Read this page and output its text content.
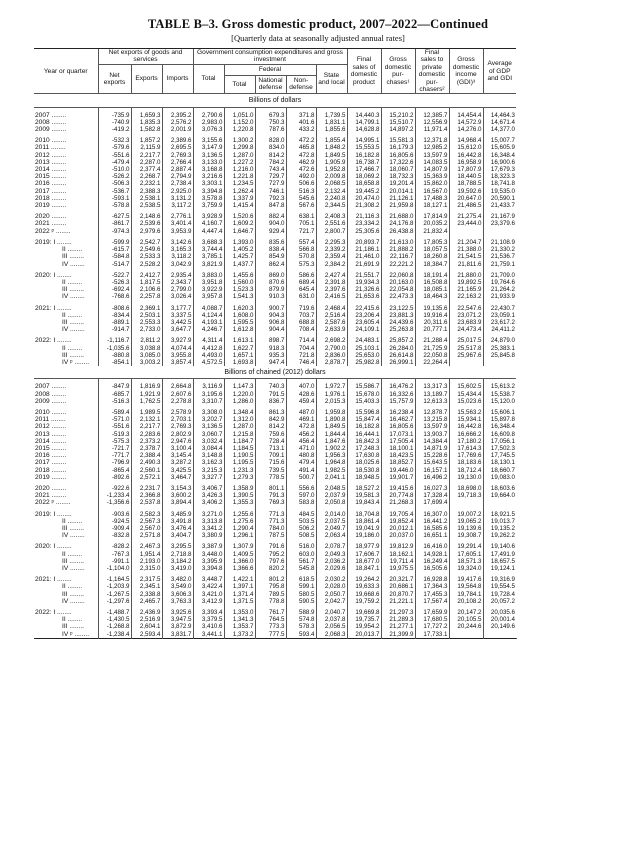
TABLE B–3. Gross domestic product, 2007–2022—Continued
[Quarterly data at seasonally adjusted annual rates]

Year or quarter	Net exports of goods and services			Government consumption expenditures and gross investment					Final sales of domestic product	Gross domestic pur-chases¹	Final sales to private domestic pur-chasers²	Gross domestic income (GDI)³	Average of GDP and GDI
	Net exports	Exports	Imports	Total	Federal			State and local					
					Total	National defense	Non-defense						

Billions of dollars													

2007 ........	-735.9	1,659.3	2,395.2	2,790.6	1,051.0	679.3	371.8	1,739.5	14,440.3	15,210.2	12,385.7	14,454.4	14,464.3
2008 ........	-740.9	1,835.3	2,576.2	2,983.0	1,152.0	750.3	401.6	1,831.1	14,799.1	15,510.7	12,556.9	14,572.9	14,671.4
2009 ........	-419.2	1,582.8	2,001.9	3,076.3	1,220.8	787.6	433.2	1,855.6	14,628.8	14,897.2	11,971.4	14,276.0	14,377.0

2010 ........	-532.3	1,857.2	2,389.6	3,155.6	1,300.2	828.0	472.2	1,855.4	14,995.1	15,581.3	12,371.8	14,968.4	15,007.7
2011 ........	-579.6	2,115.9	2,695.5	3,147.9	1,299.8	834.0	465.8	1,848.2	15,553.5	16,179.3	12,985.2	15,612.0	15,605.9
2012 ........	-551.6	2,217.7	2,769.3	3,136.5	1,287.0	814.2	472.8	1,849.5	16,182.8	16,805.6	13,597.9	16,442.8	16,348.4
2013 ........	-479.4	2,287.0	2,766.4	3,133.0	1,227.2	784.2	462.9	1,905.9	16,738.7	17,322.6	14,083.5	16,958.9	16,900.6
2014 ........	-510.0	2,377.4	2,887.4	3,168.8	1,216.0	743.4	472.6	1,952.8	17,466.7	18,060.7	14,807.9	17,807.9	17,679.3
2015 ........	-526.2	2,268.7	2,794.9	3,216.6	1,221.8	729.7	492.0	2,009.8	18,069.2	18,732.3	15,363.9	18,440.5	18,323.3
2016 ........	-506.3	2,232.1	2,738.4	3,303.1	1,234.5	727.9	506.6	2,068.5	18,658.8	19,201.4	15,862.0	18,788.5	18,741.8
2017 ........	-536.7	2,388.3	2,925.0	3,394.8	1,262.4	746.1	516.3	2,132.4	19,445.2	20,014.1	16,567.0	19,592.6	19,535.0
2018 ........	-593.1	2,538.1	3,131.2	3,578.8	1,337.9	792.3	545.6	2,240.8	20,474.0	21,126.1	17,488.3	20,647.0	20,590.1
2019 ........	-578.8	2,538.5	3,117.2	3,759.9	1,415.4	847.8	567.6	2,344.5	21,308.2	21,959.8	18,127.1	21,486.5	21,433.7

2020 ........	-627.5	2,148.6	2,776.1	3,928.9	1,520.6	882.4	638.1	2,408.3	21,116.3	21,688.0	17,814.9	21,275.4	21,167.9
2021 ........	-861.7	2,539.6	3,401.4	4,160.7	1,609.2	904.0	705.1	2,551.6	23,334.2	24,176.8	20,035.2	23,444.0	23,379.6
2022 ᵖ ........	-974.3	2,979.6	3,953.9	4,447.4	1,646.7	929.4	721.7	2,800.7	25,305.6	26,438.8	21,832.4		

2019: I ........	-599.9	2,542.7	3,142.6	3,688.3	1,393.0	835.6	557.4	2,295.3	20,893.7	21,613.0	17,805.3	21,204.7	21,108.9
II ........	-615.7	2,549.6	3,165.3	3,744.4	1,405.2	838.4	566.8	2,339.2	21,186.1	21,888.2	18,057.5	21,388.0	21,330.2
III ........	-584.8	2,533.3	3,118.2	3,785.1	1,425.7	854.9	570.8	2,359.4	21,461.0	22,116.7	18,260.8	21,541.5	21,536.7
IV ........	-514.7	2,528.2	3,042.9	3,821.9	1,437.7	862.4	575.3	2,384.2	21,691.9	22,221.2	18,384.7	21,811.6	21,759.1

2020: I ........	-522.7	2,412.7	2,935.4	3,883.0	1,455.6	869.0	586.6	2,427.4	21,551.7	22,060.8	18,191.4	21,880.0	21,709.0
II ........	-526.3	1,817.5	2,343.7	3,951.8	1,560.0	870.6	689.4	2,391.8	19,934.3	20,163.0	16,508.8	19,892.5	19,764.6
III ........	-692.4	2,106.6	2,799.0	3,922.9	1,523.3	879.9	645.4	2,397.6	21,326.6	22,054.8	18,085.1	21,165.9	21,264.2
IV ........	-768.6	2,257.8	3,026.4	3,957.8	1,541.3	910.3	631.0	2,416.5	21,653.6	22,473.3	18,464.3	22,163.2	21,933.9

2021: I ........	-808.6	2,369.1	3,177.7	4,088.7	1,620.3	900.7	719.6	2,468.4	22,415.6	23,122.5	19,135.6	22,547.6	22,430.7
II ........	-834.4	2,503.1	3,337.5	4,124.4	1,608.0	904.3	703.7	2,516.4	23,206.4	23,881.3	19,916.4	23,071.2	23,059.1
III ........	-889.1	2,553.3	3,442.5	4,193.1	1,595.5	906.8	688.8	2,587.6	23,605.4	24,439.6	20,311.6	23,683.9	23,617.2
IV ........	-914.7	2,733.0	3,647.7	4,246.7	1,612.8	904.4	708.4	2,633.9	24,109.1	25,263.8	20,777.1	24,473.4	24,411.2

2022: I ........	-1,116.7	2,811.2	3,927.9	4,311.4	1,613.1	898.7	714.4	2,698.2	24,483.1	25,857.2	21,288.4	25,017.5	24,879.0
II ........	-1,035.6	3,038.8	4,074.4	4,412.8	1,622.7	918.3	704.4	2,790.0	25,103.1	26,284.0	21,725.9	25,517.8	25,383.1
III ........	-880.8	3,085.0	3,955.8	4,493.0	1,657.1	935.3	721.8	2,836.0	25,653.0	26,614.8	22,050.8	25,967.6	25,845.8
IV ᵖ ........	-854.1	3,003.2	3,857.4	4,572.5	1,693.8	947.4	746.4	2,878.7	25,982.8	26,999.1	22,264.4		
Billions of chained (2012) dollars													

2007 ........	-847.9	1,816.9	2,664.8	3,116.9	1,147.3	740.3	407.0	1,972.7	15,586.7	16,476.2	13,317.3	15,602.5	15,613.2
2008 ........	-685.7	1,921.9	2,607.6	3,195.6	1,220.0	791.5	428.6	1,976.1	15,678.0	16,332.6	13,189.7	15,434.4	15,538.7
2009 ........	-516.3	1,762.5	2,278.8	3,310.7	1,286.0	836.7	459.4	2,015.3	15,403.3	15,757.9	12,613.3	15,023.6	15,120.0

2010 ........	-589.4	1,989.5	2,578.9	3,308.0	1,348.4	861.3	487.0	1,959.8	15,596.8	16,238.4	12,878.7	15,563.2	15,606.1
2011 ........	-571.0	2,132.1	2,703.1	3,202.7	1,312.0	842.9	469.1	1,890.8	15,847.4	16,462.7	13,215.8	15,934.1	15,897.8
2012 ........	-551.6	2,217.7	2,769.3	3,136.5	1,287.0	814.2	472.8	1,849.5	16,182.8	16,805.6	13,597.9	16,442.8	16,348.4
2013 ........	-519.3	2,283.6	2,802.9	3,060.7	1,215.8	759.6	456.2	1,844.4	16,444.1	17,073.1	13,903.7	16,666.2	16,609.8
2014 ........	-575.3	2,373.2	2,947.6	3,032.4	1,184.7	728.4	456.4	1,847.6	16,842.3	17,505.4	14,384.4	17,180.2	17,056.1
2015 ........	-721.7	2,378.7	3,100.4	3,084.4	1,184.5	713.1	471.0	1,902.2	17,248.3	18,100.1	14,871.9	17,614.3	17,502.3
2016 ........	-771.7	2,388.4	3,145.4	3,148.8	1,190.5	709.1	480.8	1,956.3	17,630.8	18,423.5	15,228.6	17,769.6	17,745.5
2017 ........	-796.9	2,490.3	3,287.2	3,162.3	1,195.5	715.6	479.4	1,964.8	18,025.6	18,852.7	15,643.5	18,183.6	18,130.1
2018 ........	-865.4	2,560.1	3,425.5	3,215.3	1,231.3	739.5	491.4	1,982.5	18,530.8	19,446.0	16,157.1	18,712.4	18,660.7
2019 ........	-892.6	2,572.1	3,464.7	3,327.7	1,279.3	778.5	500.7	2,041.1	18,948.5	19,901.7	16,496.2	19,130.0	19,083.0

2020 ........	-922.6	2,231.7	3,154.3	3,406.7	1,358.9	801.1	556.6	2,048.5	18,527.2	19,415.6	16,027.3	18,698.0	18,603.6
2021 ........	-1,233.4	2,366.8	3,600.2	3,426.3	1,390.5	791.3	597.0	2,037.9	19,581.3	20,774.8	17,328.4	19,718.3	19,664.0
2022 ᵖ ........	-1,356.6	2,537.8	3,894.4	3,406.2	1,355.3	769.3	583.8	2,050.8	19,843.4	21,268.3	17,699.4		

2019: I ........	-903.6	2,582.3	3,485.9	3,271.0	1,255.6	771.3	484.5	2,014.0	18,704.8	19,705.4	16,307.0	19,007.2	18,921.5
II ........	-924.5	2,567.3	3,491.8	3,313.8	1,275.6	771.3	503.5	2,037.5	18,861.4	19,852.4	16,441.2	19,065.2	19,013.7
III ........	-909.4	2,567.0	3,476.4	3,341.2	1,290.4	784.0	506.2	2,049.7	19,041.9	20,012.1	16,585.6	19,139.6	19,135.2
IV ........	-832.8	2,571.8	3,404.7	3,380.9	1,296.1	787.5	508.5	2,063.4	19,186.0	20,037.0	16,651.1	19,308.7	19,262.2

2020: I ........	-828.2	2,467.3	3,295.5	3,387.9	1,307.9	791.6	516.0	2,078.7	18,977.9	19,812.9	16,416.0	19,291.4	19,140.6
II ........	-767.3	1,951.4	2,718.8	3,448.0	1,409.5	795.2	603.0	2,049.3	17,606.7	18,162.1	14,928.1	17,605.1	17,491.9
III ........	-991.1	2,193.0	3,184.2	3,395.9	1,366.0	797.6	561.7	2,036.2	18,677.0	19,711.4	16,249.4	18,571.3	18,657.5
IV ........	-1,104.0	2,315.0	3,419.0	3,394.8	1,366.6	820.2	545.8	2,029.6	18,847.1	19,975.5	16,505.6	19,324.0	19,124.1

2021: I ........	-1,164.5	2,317.5	3,482.0	3,448.7	1,422.1	801.2	618.5	2,030.2	19,264.2	20,321.7	16,928.8	19,417.6	19,316.9
II ........	-1,203.9	2,345.1	3,549.0	3,422.4	1,397.1	795.8	599.1	2,028.0	19,633.3	20,686.1	17,364.3	19,564.8	19,554.5
III ........	-1,267.5	2,338.8	3,606.3	3,421.0	1,371.4	789.5	580.5	2,050.7	19,668.6	20,870.7	17,455.3	19,784.1	19,728.4
IV ........	-1,297.6	2,465.7	3,763.3	3,412.9	1,371.5	778.8	590.5	2,042.7	19,759.2	21,221.1	17,567.4	20,108.2	20,057.2

2022: I ........	-1,488.7	2,436.9	3,925.6	3,393.4	1,353.0	761.7	588.9	2,040.7	19,669.8	21,297.3	17,659.9	20,147.2	20,035.6
II ........	-1,430.5	2,516.9	3,947.5	3,379.5	1,341.3	764.5	574.8	2,037.8	19,735.7	21,289.3	17,680.5	20,105.5	20,001.4
III ........	-1,268.8	2,604.1	3,872.9	3,410.6	1,353.7	773.3	578.3	2,056.5	19,954.2	21,277.1	17,727.2	20,244.6	20,149.6
IV ᵖ ........	-1,238.4	2,593.4	3,831.7	3,441.1	1,373.2	777.5	593.4	2,068.3	20,013.7	21,399.9	17,733.1		
